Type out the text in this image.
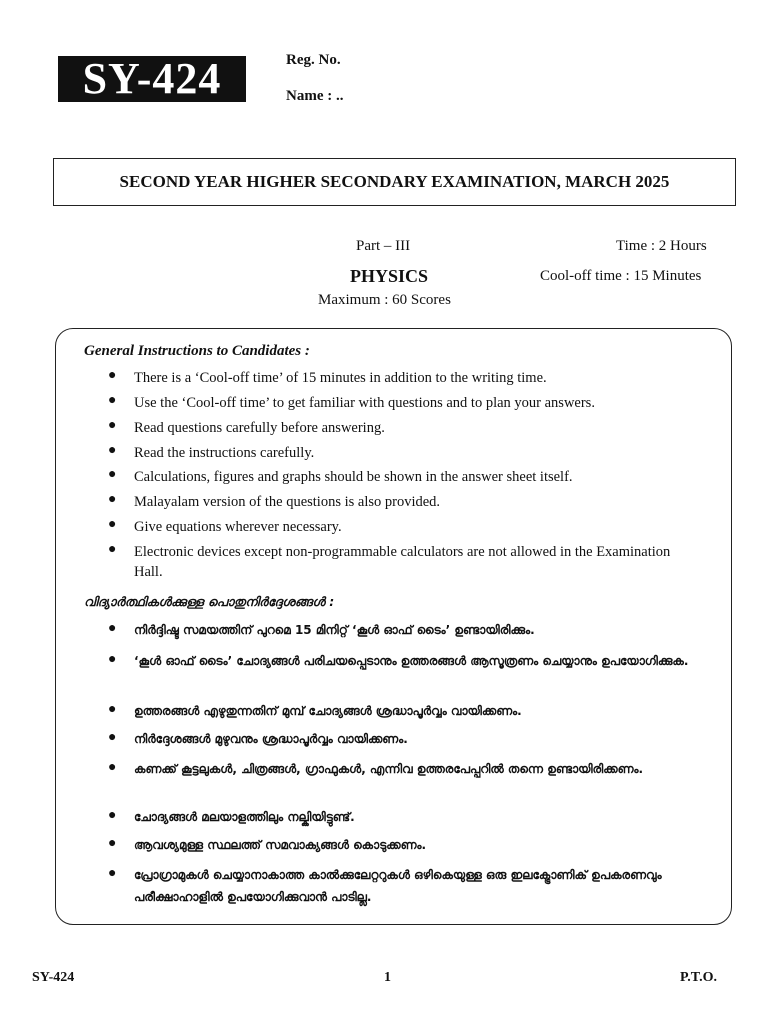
SY-424	Reg. No.
Name : ..
SECOND YEAR HIGHER SECONDARY EXAMINATION, MARCH 2025
Part – III
PHYSICS
Maximum : 60 Scores
Time : 2 Hours
Cool-off time : 15 Minutes
General Instructions to Candidates :
● There is a ‘Cool-off time’ of 15 minutes in addition to the writing time.
● Use the ‘Cool-off time’ to get familiar with questions and to plan your answers.
● Read questions carefully before answering.
● Read the instructions carefully.
● Calculations, figures and graphs should be shown in the answer sheet itself.
● Malayalam version of the questions is also provided.
● Give equations wherever necessary.
● Electronic devices except non-programmable calculators are not allowed in the Examination Hall.
വിദ്യാർത്ഥികൾക്കുള്ള പൊതുനിർദ്ദേശങ്ങൾ :
● നിർദ്ദിഷ്ട സമയത്തിന് പുറമെ 15 മിനിറ്റ് ‘കൂൾ ഓഫ് ടൈം’ ഉണ്ടായിരിക്കും.
● ‘കൂൾ ഓഫ് ടൈം’ ചോദ്യങ്ങൾ പരിചയപ്പെടാനും ഉത്തരങ്ങൾ ആസൂത്രണം ചെയ്യാനും ഉപയോഗിക്കുക.
● ഉത്തരങ്ങൾ എഴുതുന്നതിന് മുമ്പ് ചോദ്യങ്ങൾ ശ്രദ്ധാപൂർവ്വം വായിക്കണം.
● നിർദ്ദേശങ്ങൾ മുഴുവനും ശ്രദ്ധാപൂർവ്വം വായിക്കണം.
● കണക്ക് കൂട്ടലുകൾ, ചിത്രങ്ങൾ, ഗ്രാഫുകൾ, എന്നിവ ഉത്തരപേപ്പറിൽ തന്നെ ഉണ്ടായിരിക്കണം.
● ചോദ്യങ്ങൾ മലയാളത്തിലും നല്കിയിട്ടുണ്ട്.
● ആവശ്യമുള്ള സ്ഥലത്ത് സമവാക്യങ്ങൾ കൊടുക്കണം.
● പ്രോഗ്രാമുകൾ ചെയ്യാനാകാത്ത കാൽക്കുലേറ്ററുകൾ ഒഴികെയുള്ള ഒരു ഇലക്ട്രോണിക് ഉപകരണവും പരീക്ഷാഹാളിൽ ഉപയോഗിക്കുവാൻ പാടില്ല.
SY-424	1	P.T.O.
